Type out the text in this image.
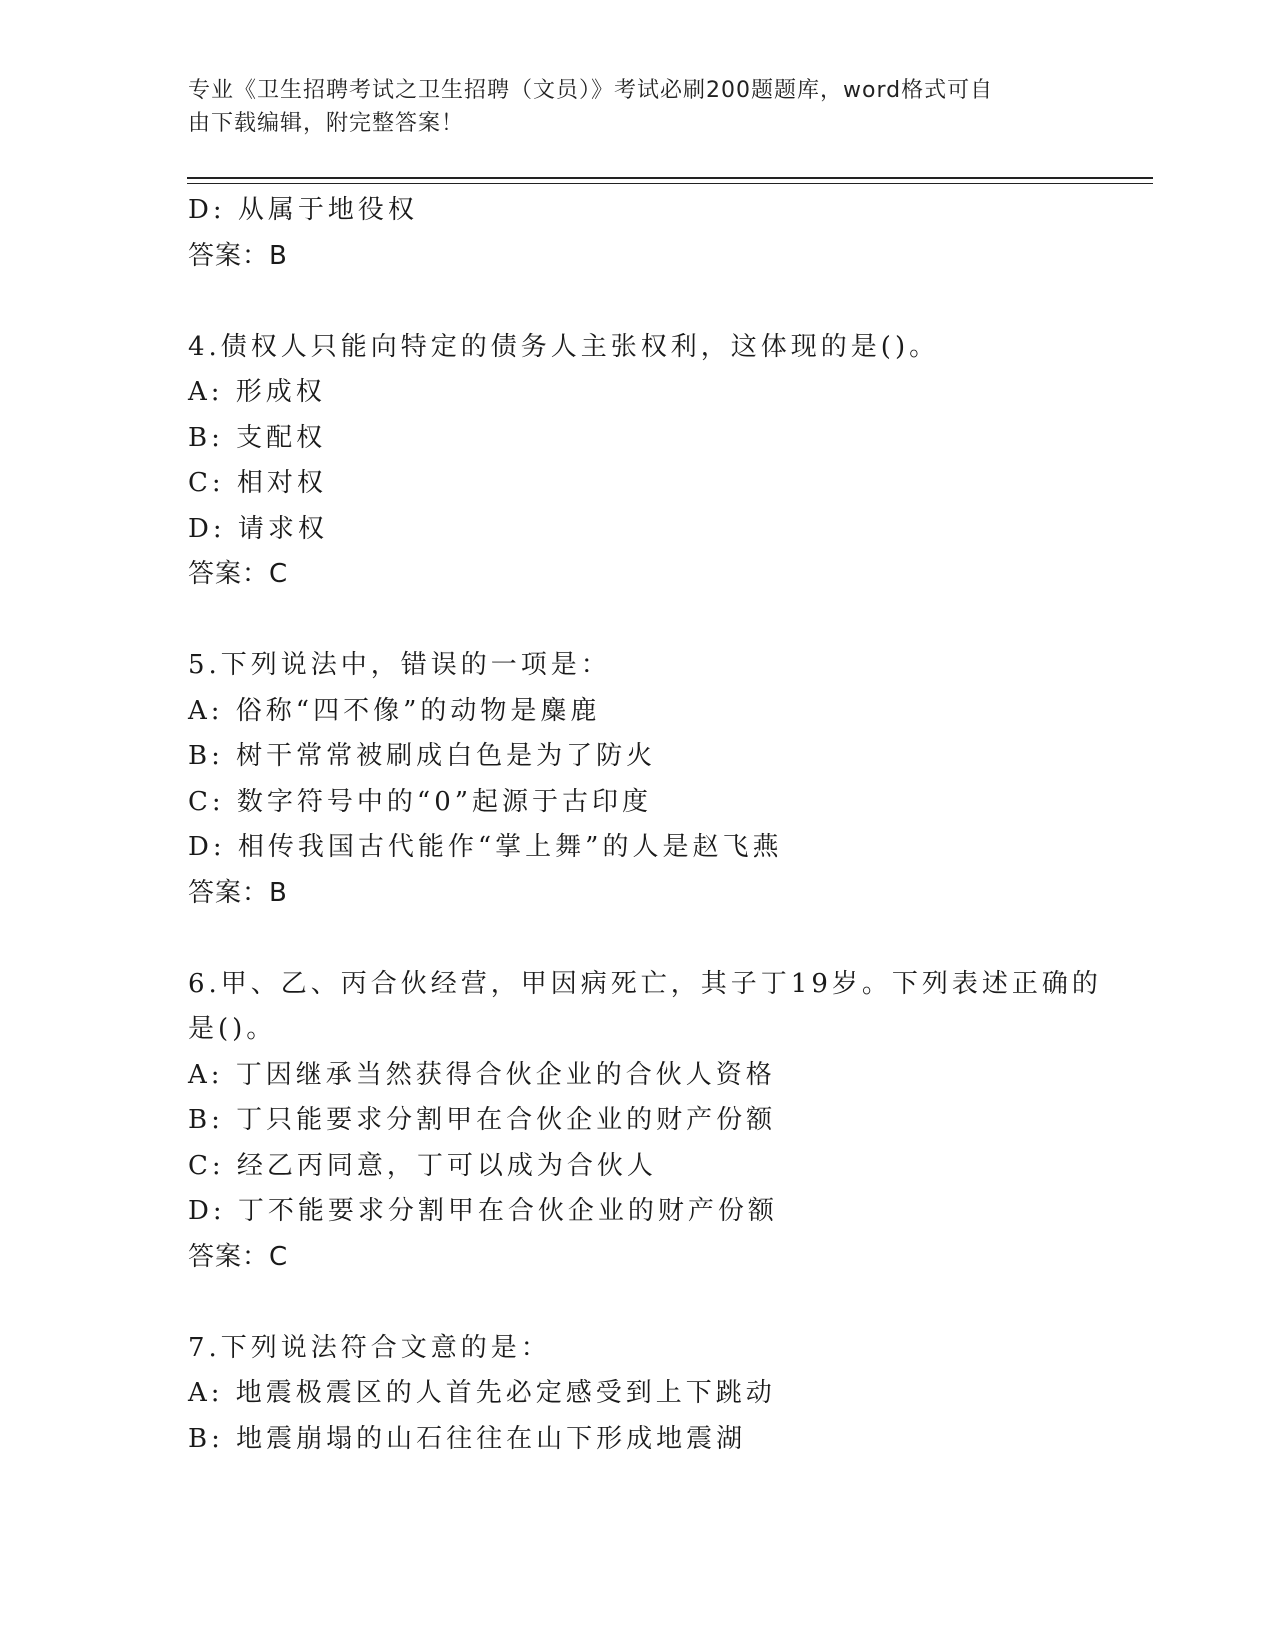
专业《卫生招聘考试之卫生招聘（文员）》考试必刷200题题库，word格式可自
由下载编辑，附完整答案！
D: 从属于地役权
答案：B
4.债权人只能向特定的债务人主张权利，这体现的是()。
A: 形成权
B: 支配权
C: 相对权
D: 请求权
答案：C
5.下列说法中，错误的一项是：
A: 俗称“四不像”的动物是麋鹿
B: 树干常常被刷成白色是为了防火
C: 数字符号中的“0”起源于古印度
D: 相传我国古代能作“掌上舞”的人是赵飞燕
答案：B
6.甲、乙、丙合伙经营，甲因病死亡，其子丁19岁。下列表述正确的
是()。
A: 丁因继承当然获得合伙企业的合伙人资格
B: 丁只能要求分割甲在合伙企业的财产份额
C: 经乙丙同意，丁可以成为合伙人
D: 丁不能要求分割甲在合伙企业的财产份额
答案：C
7.下列说法符合文意的是：
A: 地震极震区的人首先必定感受到上下跳动
B: 地震崩塌的山石往往在山下形成地震湖
